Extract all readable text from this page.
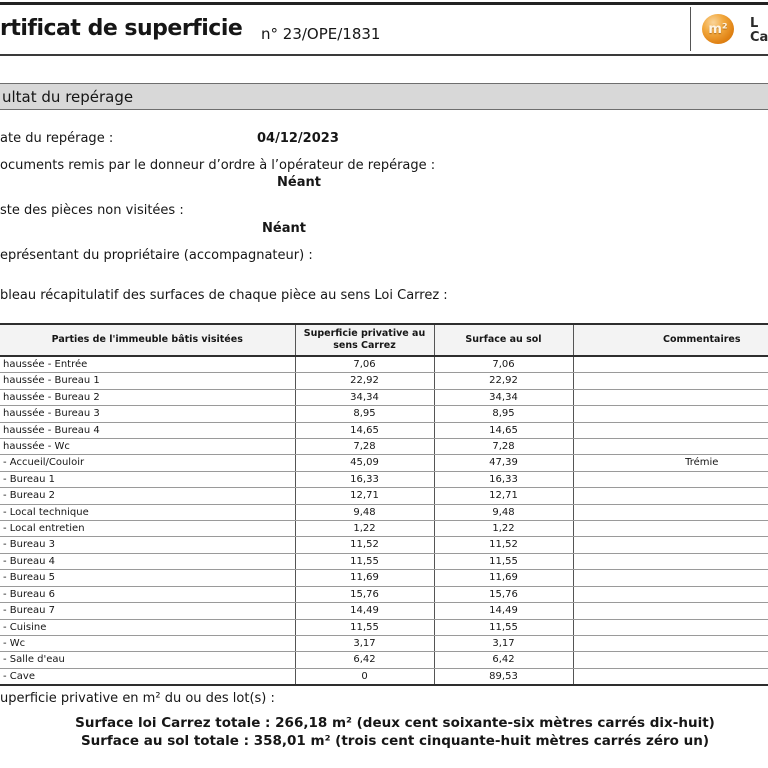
rtificat de superficie n° 23/OPE/1831	m² L
Ca
ultat du repérage
ate du repérage :	04/12/2023
ocuments remis par le donneur d’ordre à l’opérateur de repérage :
Néant
ste des pièces non visitées :
Néant
eprésentant du propriétaire (accompagnateur) :
bleau récapitulatif des surfaces de chaque pièce au sens Loi Carrez :
Parties de l'immeuble bâtis visitées	Superficie privative au sens Carrez	Surface au sol	Commentaires
haussée - Entrée	7,06	7,06	
haussée - Bureau 1	22,92	22,92	
haussée - Bureau 2	34,34	34,34	
haussée - Bureau 3	8,95	8,95	
haussée - Bureau 4	14,65	14,65	
haussée - Wc	7,28	7,28	
- Accueil/Couloir	45,09	47,39	Trémie
- Bureau 1	16,33	16,33	
- Bureau 2	12,71	12,71	
- Local technique	9,48	9,48	
- Local entretien	1,22	1,22	
- Bureau 3	11,52	11,52	
- Bureau 4	11,55	11,55	
- Bureau 5	11,69	11,69	
- Bureau 6	15,76	15,76	
- Bureau 7	14,49	14,49	
- Cuisine	11,55	11,55	
- Wc	3,17	3,17	
- Salle d'eau	6,42	6,42	
- Cave	0	89,53	
uperficie privative en m² du ou des lot(s) :
Surface loi Carrez totale : 266,18 m² (deux cent soixante-six mètres carrés dix-huit)
Surface au sol totale : 358,01 m² (trois cent cinquante-huit mètres carrés zéro un)
